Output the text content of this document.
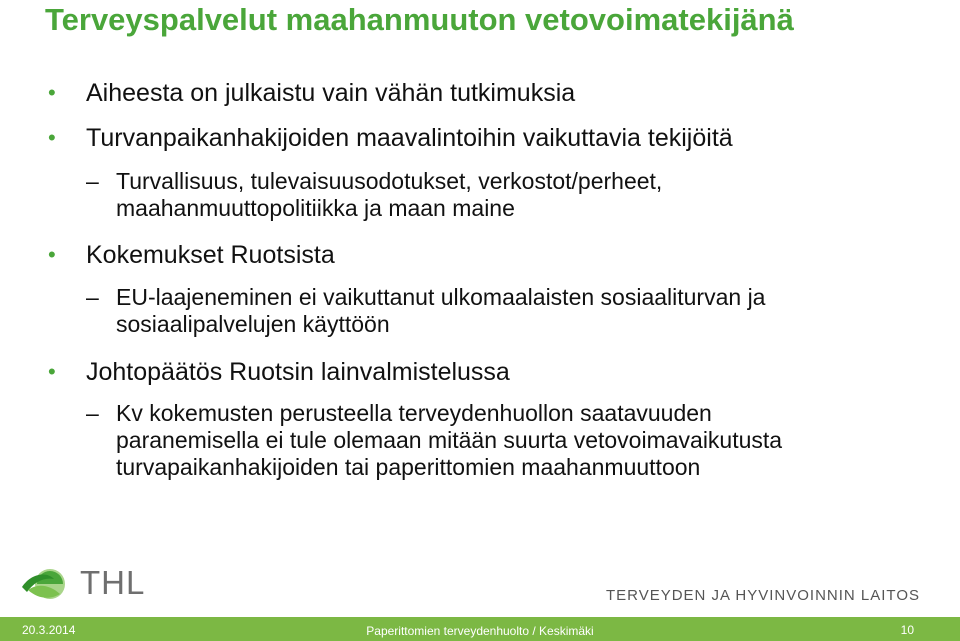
Terveyspalvelut maahanmuuton vetovoimatekijänä
• Aiheesta on julkaistu vain vähän tutkimuksia
• Turvanpaikanhakijoiden maavalintoihin vaikuttavia tekijöitä
– Turvallisuus, tulevaisuusodotukset, verkostot/perheet,
maahanmuuttopolitiikka ja maan maine
• Kokemukset Ruotsista
– EU-laajeneminen ei vaikuttanut ulkomaalaisten sosiaaliturvan ja
sosiaalipalvelujen käyttöön
• Johtopäätös Ruotsin lainvalmistelussa
– Kv kokemusten perusteella terveydenhuollon saatavuuden
paranemisella ei tule olemaan mitään suurta vetovoimavaikutusta
turvapaikanhakijoiden tai paperittomien maahanmuuttoon
THL	TERVEYDEN JA HYVINVOINNIN LAITOS
20.3.2014	Paperittomien terveydenhuolto / Keskimäki	10
